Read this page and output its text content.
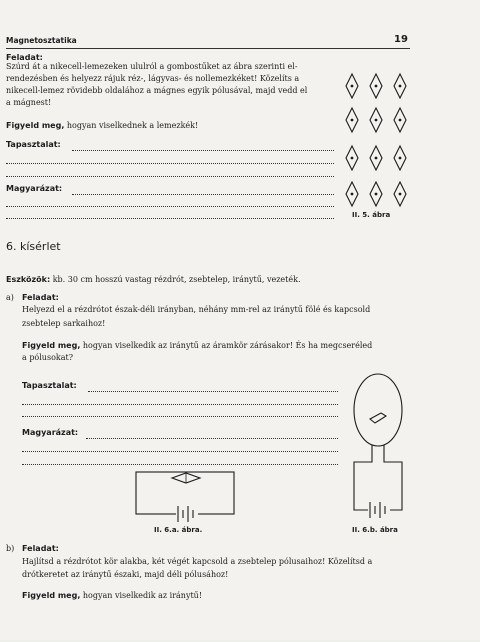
Magnetosztatika	19
Feladat:
Szúrd át a nikecell-lemezeken ululról a gombostűket az ábra szerinti el-
rendezésben és helyezz rájuk réz-, lágyvas- és nollemezkéket! Közelíts a
nikecell-lemez rövidebb oldalához a mágnes egyik pólusával, majd vedd el
a mágnest!
Figyeld meg, hogyan viselkednek a lemezkék!
Tapasztalat:
Magyarázat:
II. 5. ábra
6. kísérlet
Eszközök: kb. 30 cm hosszú vastag rézdrót, zsebtelep, iránytű, vezeték.
a) Feladat:
Helyezd el a rézdrótot észak-déli irányban, néhány mm-rel az iránytű fölé és kapcsold
zsebtelep sarkaihoz!
Figyeld meg, hogyan viselkedik az iránytű az áramkör zárásakor! És ha megcseréled
a pólusokat?
Tapasztalat:
Magyarázat:
II. 6.a. ábra.	II. 6.b. ábra
b) Feladat:
Hajlítsd a rézdrótot kör alakba, két végét kapcsold a zsebtelep pólusaihoz! Közelítsd a
drótkeretet az iránytű északi, majd déli pólusához!
Figyeld meg, hogyan viselkedik az iránytű!
